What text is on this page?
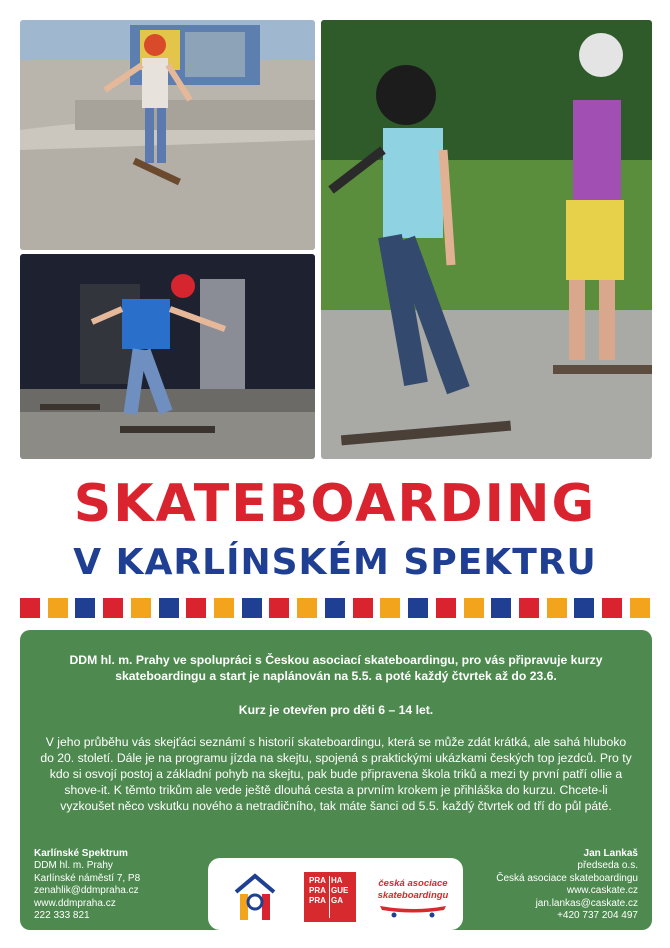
SKATEBOARDING
V KARLÍNSKÉM SPEKTRU

DDM hl. m. Prahy ve spolupráci s Českou asociací skateboardingu, pro vás připravuje kurzy skateboardingu a start je naplánován na 5.5. a poté každý čtvrtek až do 23.6.

Kurz je otevřen pro děti 6 – 14 let.

V jeho průběhu vás skejťáci seznámí s historií skateboardingu, která se může zdát krátká, ale sahá hluboko do 20. století. Dále je na programu jízda na skejtu, spojená s praktickými ukázkami českých top jezdců. Pro ty kdo si osvojí postoj a základní pohyb na skejtu, pak bude připravena škola triků a mezi ty první patří ollie a shove-it. K těmto trikům ale vede ještě dlouhá cesta a prvním krokem je přihláška do kurzu. Chcete-li vyzkoušet něco vskutku nového a netradičního, tak máte šanci od 5.5. každý čtvrtek od tří do půl páté.

Karlínské Spektrum
DDM hl. m. Prahy
Karlínské náměstí 7, P8
zenahlik@ddmpraha.cz
www.ddmpraha.cz
222 333 821
Jan Lankaš
předseda o.s.
Česká asociace skateboardingu
www.caskate.cz
jan.lankas@caskate.cz
+420 737 204 497
PRA
PRA
PRA
HA
GUE
GA
česká asociace
skateboardingu
